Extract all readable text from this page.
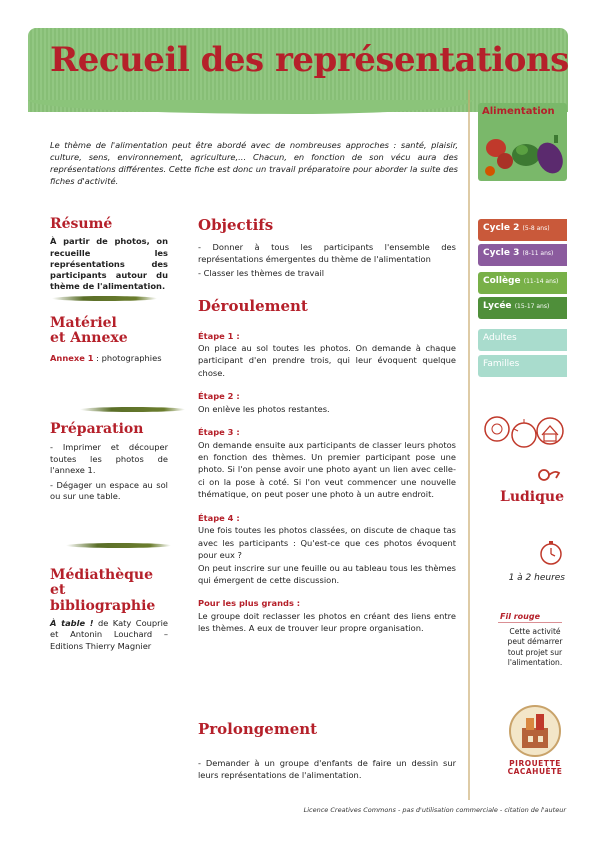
Recueil des représentations

Le thème de l'alimentation peut être abordé avec de nombreuses approches : santé, plaisir, culture, sens, environnement, agriculture,... Chacun, en fonction de son vécu aura des représentations différentes. Cette fiche est donc un travail préparatoire pour aborder la suite des fiches d'activité.

Résumé

À partir de photos, on recueille les représentations des participants autour du thème de l'alimentation.

Matériel
et Annexe

Annexe 1 : photographies

Préparation

- Imprimer et découper toutes les photos de l'annexe 1.

- Dégager un espace au sol ou sur une table.

Médiathèque et
bibliographie

À table ! de Katy Couprie et Antonin Louchard – Editions Thierry Magnier

Objectifs

- Donner à tous les participants l'ensemble des représentations émergentes du thème de l'alimentation

- Classer les thèmes de travail

Déroulement
Étape 1 :

On place au sol toutes les photos. On demande à chaque participant d'en prendre trois, qui leur évoquent quelque chose.

Étape 2 :

On enlève les photos restantes.

Étape 3 :

On demande ensuite aux participants de classer leurs photos en fonction des thèmes. Un premier participant pose une photo. Si l'on pense avoir une photo ayant un lien avec celle-ci on la pose à coté. Si l'on veut commencer une nouvelle thématique, on peut poser une photo à un autre endroit.

Étape 4 :

Une fois toutes les photos classées, on discute de chaque tas avec les participants : Qu'est-ce que ces photos évoquent pour eux ?
On peut inscrire sur une feuille ou au tableau tous les thèmes qui émergent de cette discussion.

Pour les plus grands :

Le groupe doit reclasser les photos en créant des liens entre les thèmes. A eux de trouver leur propre organisation.

Prolongement

- Demander à un groupe d'enfants de faire un dessin sur leurs représentations de l'alimentation.

Alimentation
Cycle 2 (5-8 ans)
Cycle 3 (8-11 ans)
Collège (11-14 ans)
Lycée (15-17 ans)
Adultes
Familles
Ludique
1 à 2 heures
Fil rouge
Cette activité peut démarrer tout projet sur l'alimentation.
PIROUETTE
CACAHUÈTE
Licence Creatives Commons - pas d'utilisation commerciale - citation de l'auteur
